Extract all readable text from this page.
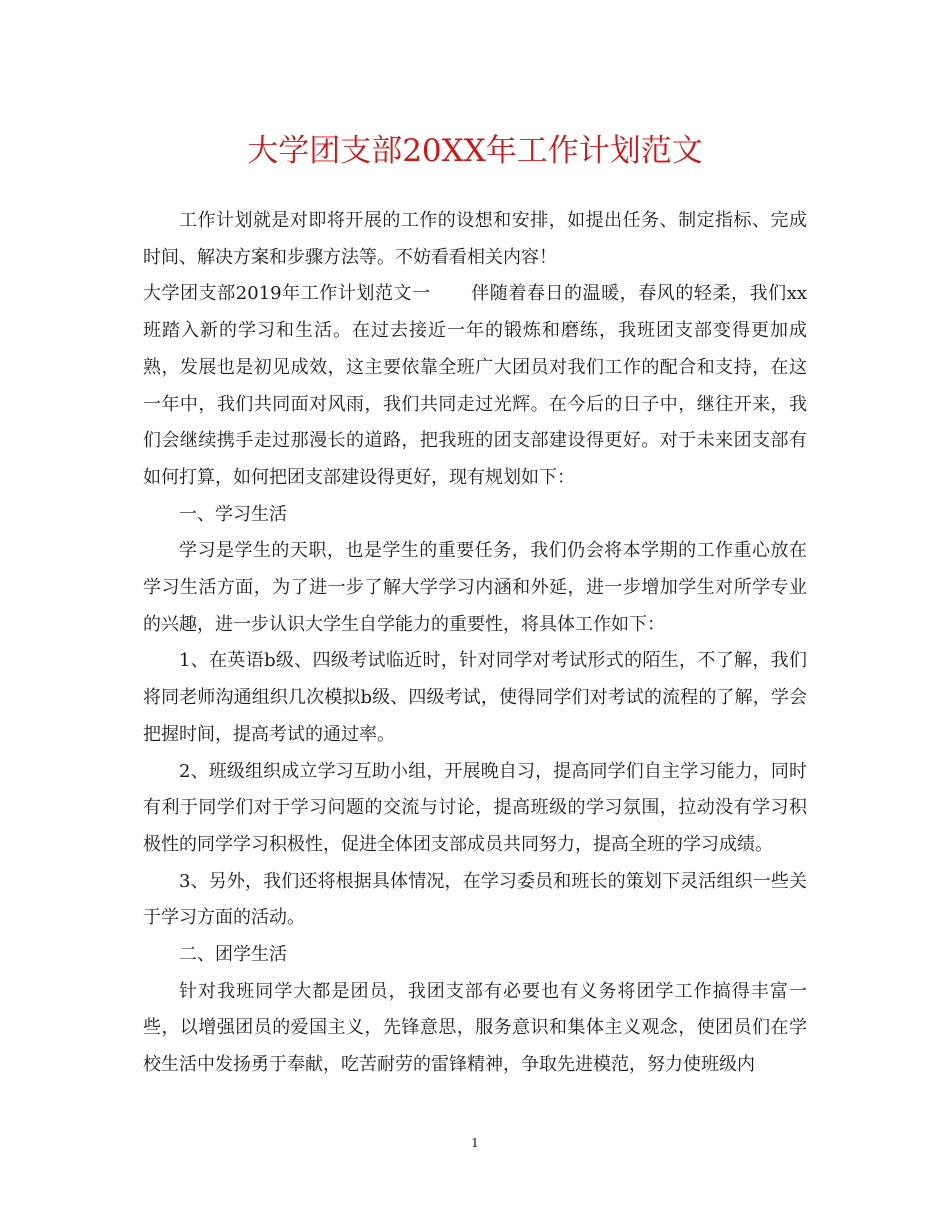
大学团支部20XX年工作计划范文

工作计划就是对即将开展的工作的设想和安排，如提出任务、制定指标、完成时间、解决方案和步骤方法等。不妨看看相关内容！

大学团支部2019年工作计划范文一 伴随着春日的温暖，春风的轻柔，我们xx班踏入新的学习和生活。在过去接近一年的锻炼和磨练，我班团支部变得更加成熟，发展也是初见成效，这主要依靠全班广大团员对我们工作的配合和支持，在这一年中，我们共同面对风雨，我们共同走过光辉。在今后的日子中，继往开来，我们会继续携手走过那漫长的道路，把我班的团支部建设得更好。对于未来团支部有如何打算，如何把团支部建设得更好，现有规划如下：

一、学习生活

学习是学生的天职，也是学生的重要任务，我们仍会将本学期的工作重心放在学习生活方面，为了进一步了解大学学习内涵和外延，进一步增加学生对所学专业的兴趣，进一步认识大学生自学能力的重要性，将具体工作如下：

1、在英语b级、四级考试临近时，针对同学对考试形式的陌生，不了解，我们将同老师沟通组织几次模拟b级、四级考试，使得同学们对考试的流程的了解，学会把握时间，提高考试的通过率。

2、班级组织成立学习互助小组，开展晚自习，提高同学们自主学习能力，同时有利于同学们对于学习问题的交流与讨论，提高班级的学习氛围，拉动没有学习积极性的同学学习积极性，促进全体团支部成员共同努力，提高全班的学习成绩。

3、另外，我们还将根据具体情况，在学习委员和班长的策划下灵活组织一些关于学习方面的活动。

二、团学生活

针对我班同学大都是团员，我团支部有必要也有义务将团学工作搞得丰富一些，以增强团员的爱国主义，先锋意思，服务意识和集体主义观念，使团员们在学校生活中发扬勇于奉献，吃苦耐劳的雷锋精神，争取先进模范，努力使班级内

1
